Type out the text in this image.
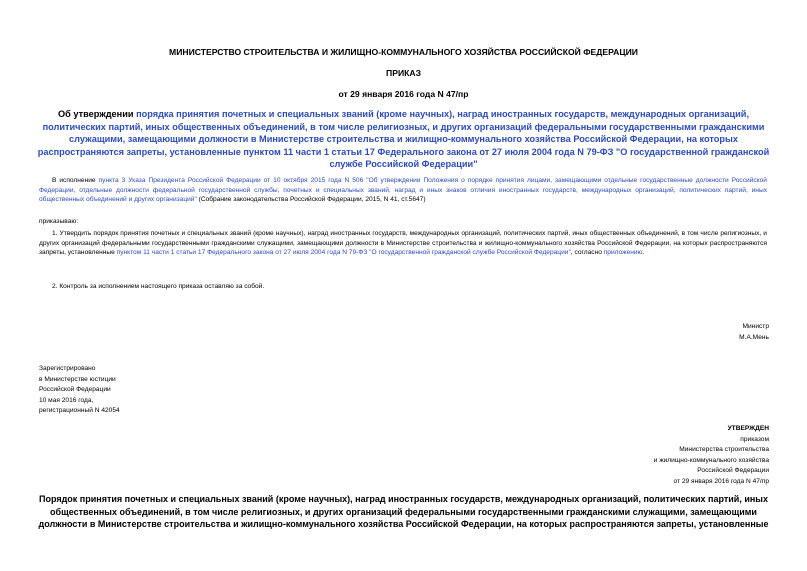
МИНИСТЕРСТВО СТРОИТЕЛЬСТВА И ЖИЛИЩНО-КОММУНАЛЬНОГО ХОЗЯЙСТВА РОССИЙСКОЙ ФЕДЕРАЦИИ
ПРИКАЗ
от 29 января 2016 года N 47/пр
Об утверждении порядка принятия почетных и специальных званий (кроме научных), наград иностранных государств, международных организаций, политических партий, иных общественных объединений, в том числе религиозных, и других организаций федеральными государственными гражданскими служащими, замещающими должности в Министерстве строительства и жилищно-коммунального хозяйства Российской Федерации, на которых распространяются запреты, установленные пунктом 11 части 1 статьи 17 Федерального закона от 27 июля 2004 года N 79-ФЗ "О государственной гражданской службе Российской Федерации"
В исполнение пункта 3 Указа Президента Российской Федерации от 10 октября 2015 года N 506 "Об утверждении Положения о порядке принятия лицами, замещающими отдельные государственные должности Российской Федерации, отдельные должности федеральной государственной службы, почетных и специальных званий, наград и иных знаков отличия иностранных государств, международных организаций, политических партий, иных общественных объединений и других организаций" (Собрание законодательства Российской Федерации, 2015, N 41, ст.5647)
приказываю:
1. Утвердить порядок принятия почетных и специальных званий (кроме научных), наград иностранных государств, международных организаций, политических партий, иных общественных объединений, в том числе религиозных, и других организаций федеральными государственными гражданскими служащими, замещающими должности в Министерстве строительства и жилищно-коммунального хозяйства Российской Федерации, на которых распространяются запреты, установленные пунктом 11 части 1 статьи 17 Федерального закона от 27 июля 2004 года N 79-ФЗ "О государственной гражданской службе Российской Федерации", согласно приложению.
2. Контроль за исполнением настоящего приказа оставляю за собой.
Министр
М.А.Мень
Зарегистрировано
в Министерстве юстиции
Российской Федерации
10 мая 2016 года,
регистрационный N 42054
УТВЕРЖДЕН
приказом
Министерства строительства
и жилищно-коммунального хозяйства
Российской Федерации
от 29 января 2016 года N 47/пр
Порядок принятия почетных и специальных званий (кроме научных), наград иностранных государств, международных организаций, политических партий, иных общественных объединений, в том числе религиозных, и других организаций федеральными государственными гражданскими служащими, замещающими должности в Министерстве строительства и жилищно-коммунального хозяйства Российской Федерации, на которых распространяются запреты, установленные
